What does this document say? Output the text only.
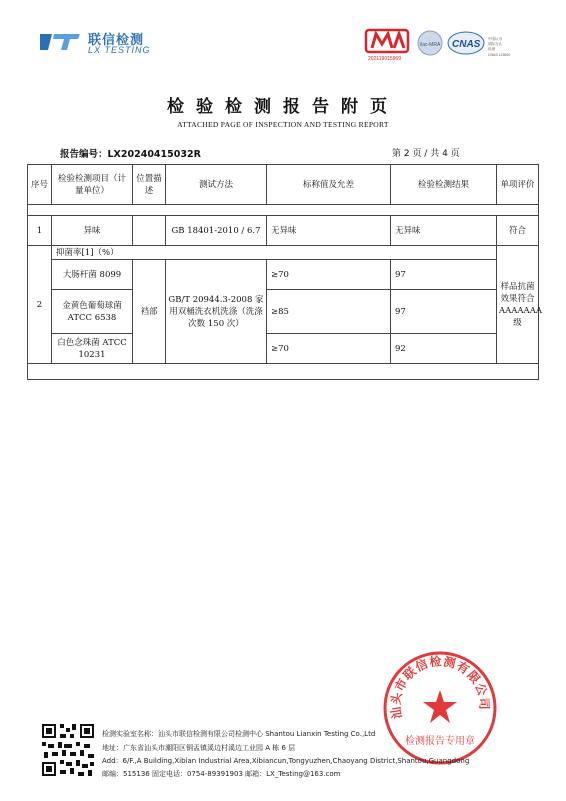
联信检测
LX TESTING
202119015969
ilac-MRA CNAS 中国认可
国际互认
检测
CNAS L15520
检验检测报告附页
ATTACHED PAGE OF INSPECTION AND TESTING REPORT
报告编号：LX20240415032R	第 2 页 / 共 4 页
序号	检验检测项目（计量单位）	位置描述	测试方法	标称值及允差	检验检测结果	单项评价

1	异味		GB 18401-2010 / 6.7	无异味	无异味	符合
2	抑菌率[1]（%）					样品抗菌效果符合AAAAAAA级
	大肠杆菌 8099	裆部	GB/T 20944.3-2008 家用双桶洗衣机洗涤（洗涤次数 150 次）	≥70	97	
	金黄色葡萄球菌 ATCC 6538			≥85	97	
	白色念珠菌 ATCC 10231			≥70	92	

汕头市联信检测有限公司
检测报告专用章
检测实验室名称：汕头市联信检测有限公司检测中心 Shantou Lianxin Testing Co.,Ltd
地址：广东省汕头市潮阳区铜盂镇溪边村溪边工业园 A 栋 6 层
Add：6/F.,A Building,Xibian Industrial Area,Xibiancun,Tongyuzhen,Chaoyang District,Shantou,Guangdong
邮编：515136 固定电话：0754-89391903 邮箱：LX_Testing@163.com
